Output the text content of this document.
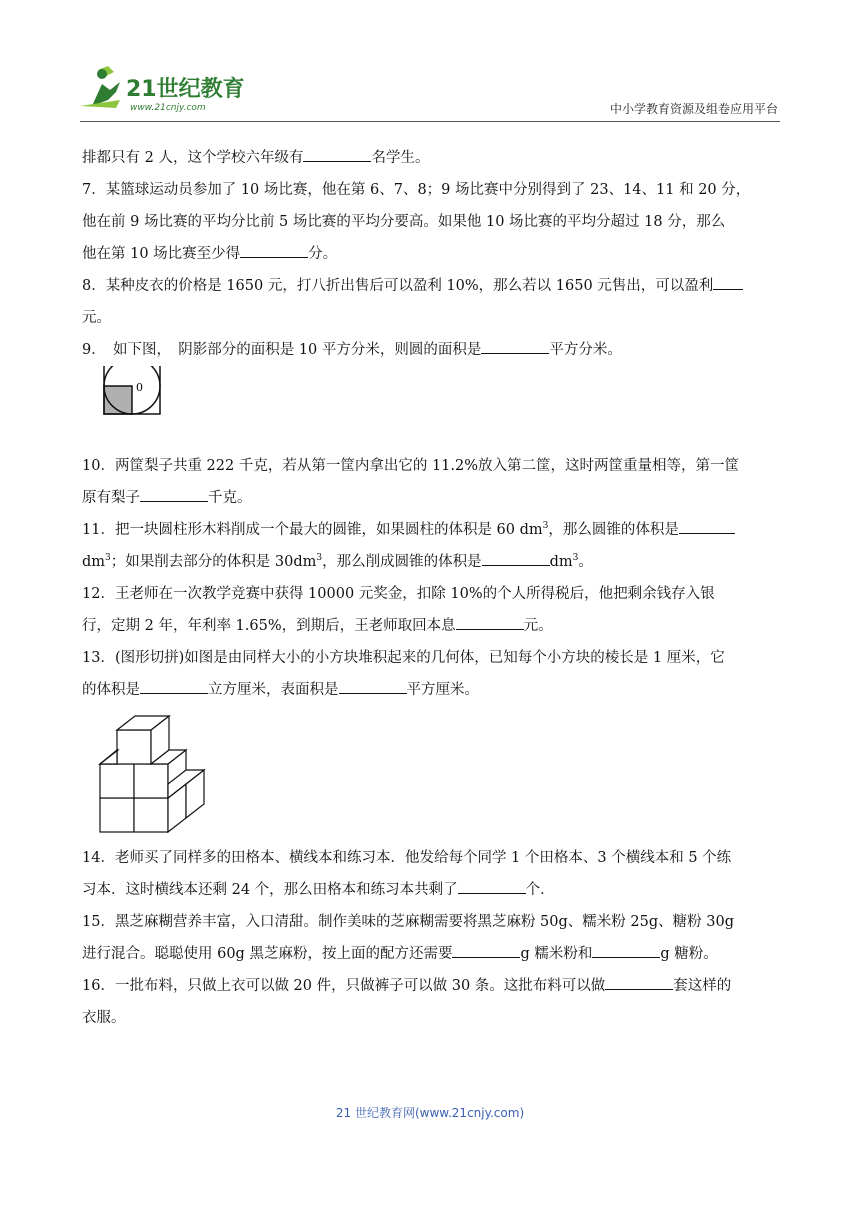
21世纪教育
www.21cnjy.com	中小学教育资源及组卷应用平台
排都只有 2 人，这个学校六年级有	名学生。
7．某篮球运动员参加了 10 场比赛，他在第 6、7、8；9 场比赛中分别得到了 23、14、11 和 20 分，
他在前 9 场比赛的平均分比前 5 场比赛的平均分要高。如果他 10 场比赛的平均分超过 18 分，那么
他在第 10 场比赛至少得	分。
8．某种皮衣的价格是 1650 元，打八折出售后可以盈利 10%，那么若以 1650 元售出，可以盈利
元。
9．　如下图，　阴影部分的面积是 10 平方分米，则圆的面积是	平方分米。
0
10．两筐梨子共重 222 千克，若从第一筐内拿出它的 11.2%放入第二筐，这时两筐重量相等，第一筐
原有梨子	千克。
11．把一块圆柱形木料削成一个最大的圆锥，如果圆柱的体积是 60 $dm^3$，那么圆锥的体积是
$dm^3$；如果削去部分的体积是 $30dm^3$，那么削成圆锥的体积是	$dm^3$。
12．王老师在一次教学竞赛中获得 10000 元奖金，扣除 10%的个人所得税后，他把剩余钱存入银
行，定期 2 年，年利率 1.65%，到期后，王老师取回本息	元。
13．(图形切拼)如图是由同样大小的小方块堆积起来的几何体，已知每个小方块的棱长是 1 厘米，它
的体积是	立方厘米，表面积是	平方厘米。
14．老师买了同样多的田格本、横线本和练习本．他发给每个同学 1 个田格本、3 个横线本和 5 个练
习本．这时横线本还剩 24 个，那么田格本和练习本共剩了	个．
15．黑芝麻糊营养丰富，入口清甜。制作美味的芝麻糊需要将黑芝麻粉 50g、糯米粉 25g、糖粉 30g
进行混合。聪聪使用 60g 黑芝麻粉，按上面的配方还需要	g 糯米粉和	g 糖粉。
16．一批布料，只做上衣可以做 20 件，只做裤子可以做 30 条。这批布料可以做	套这样的
衣服。
21 世纪教育网(www.21cnjy.com)
